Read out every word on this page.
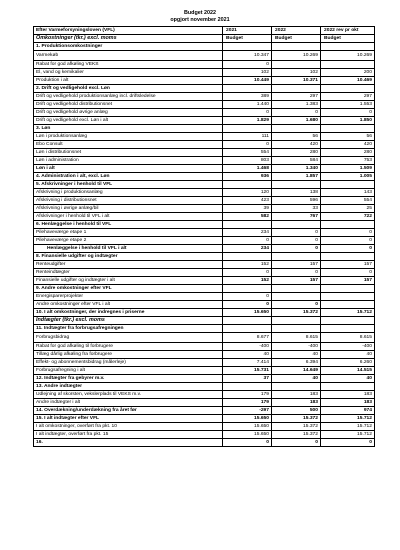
Budget 2022
opgjort november 2021
Efter Varmeforsyningsloven (VFL)	2021	2022	2022 rev pr okt
Omkostninger (tkr.) excl. moms	Budget	Budget	Budget
1. Produktionsomkostninger			
Varmekøb	10.347	10.269	10.269
Rabat for god afkøling VEKS	0		
El, vand og kemikalier	102	102	200
Produktion i alt	10.449	10.371	10.469
2. Drift og vedligehold excl. Løn			
Drift og vedligehold produktionsanlæg incl. driftsledelse	389	297	297
Drift og vedligehold distributionsnet	1.440	1.383	1.553
Drift og vedligehold øvrige anlæg	0	0	0
Drift og vedligehold excl. Løn i alt	1.829	1.680	1.850
3. Løn			
Løn i produktionsanlæg	111	56	56
Ebo Consult	0	420	420
Løn i distributionsnet	554	280	280
Løn i administration	803	584	753
Løn i alt	1.468	1.340	1.509
4. Administration i alt, excl. Løn	936	1.857	1.005
5. Afskrivninger i henhold til VFL			
Afskrivning i produktionsanlæg	120	138	143
Afskrivning i distributionsnet	423	596	554
Afskrivning i øvrige anlæg/bil	39	33	25
Afskrivninger i henhold til VFL i alt	582	767	722
6. Henlæggelse i henhold til VFL			
Pilehaveværge etape 1	234	0	0
Pilehaveværge etape 2	0	0	0
Henlæggelse i henhold til VFL i alt	234	0	0
8. Finansielle udgifter og indtægter			
Renteudgifter	152	157	157
Renteindtægter	0	0	0
Finansielle udgifter og indtægter i alt	152	157	157
9. Andre omkostninger efter VFL			
Energisparerprojekter	0		
Andre omkostninger efter VFL i alt	0	0	
10. I alt omkostninger, der indregnes i priserne	15.650	15.372	15.712
Indtægter (tkr.) excl. moms			
11. Indtægter fra forbrugsafregningen			
Forbrugsbidrag	8.677	8.615	8.615
Rabat for god afkøling til forbrugere	-400	-400	-400
Tillæg dårlig afkøling fra forbrugere	40	40	40
Effekt- og abonnementsbidrag (målerleje)	7.414	6.394	6.260
Forbrugsafregning i alt	15.731	14.649	14.515
12. Indtægter fra gebyrer m.v.	37	40	40
13. Andre indtægter			
Udlejning af skorsten, vekslerplads til VEKS m.v.	179	183	183
Andre indtægter i alt	179	183	183
14. Overdækning/underdækning fra året før	-297	500	974
15. I alt indtægter efter VFL	15.650	15.372	15.712
I alt omkostninger, overført fra pkt. 10	15.650	15.372	15.712
I alt indtægter, overført fra pkt. 15	15.650	15.372	15.712
16.	0	0	0
